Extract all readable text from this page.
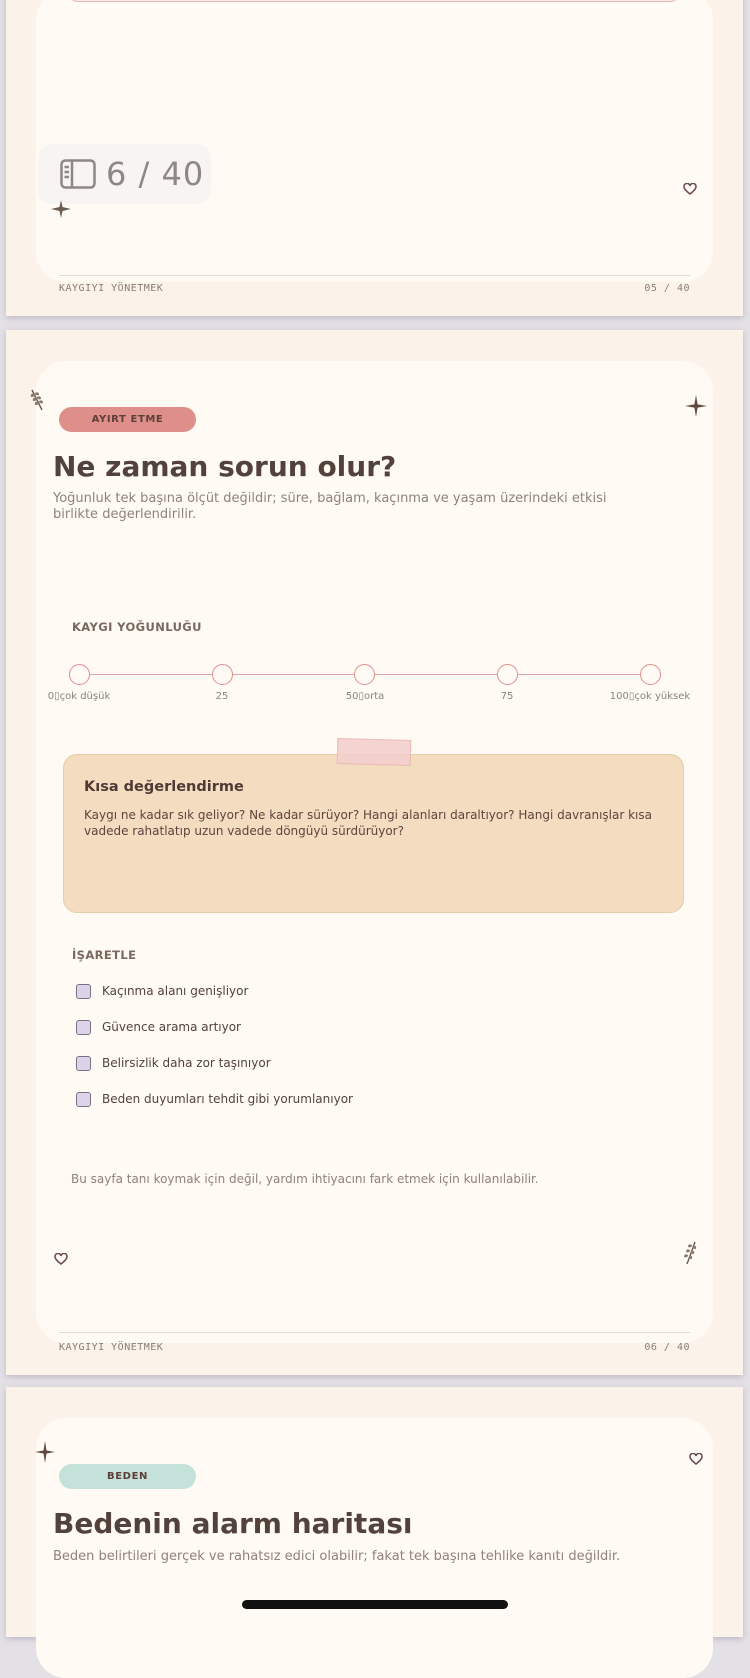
KAYGIYI YÖNETMEK	05 / 40
6 / 40
KAYGIYI YÖNETMEK	06 / 40
AYIRT ETME
Ne zaman sorun olur?
Yoğunluk tek başına ölçüt değildir; süre, bağlam, kaçınma ve yaşam üzerindeki etkisi birlikte değerlendirilir.
KAYGI YOĞUNLUĞU
0▯çok düşük	25	50▯orta	75	100▯çok yüksek
Kısa değerlendirme
Kaygı ne kadar sık geliyor? Ne kadar sürüyor? Hangi alanları daraltıyor? Hangi davranışlar kısa vadede rahatlatıp uzun vadede döngüyü sürdürüyor?
İŞARETLE
Kaçınma alanı genişliyor
Güvence arama artıyor
Belirsizlik daha zor taşınıyor
Beden duyumları tehdit gibi yorumlanıyor
Bu sayfa tanı koymak için değil, yardım ihtiyacını fark etmek için kullanılabilir.
BEDEN
Bedenin alarm haritası
Beden belirtileri gerçek ve rahatsız edici olabilir; fakat tek başına tehlike kanıtı değildir.
